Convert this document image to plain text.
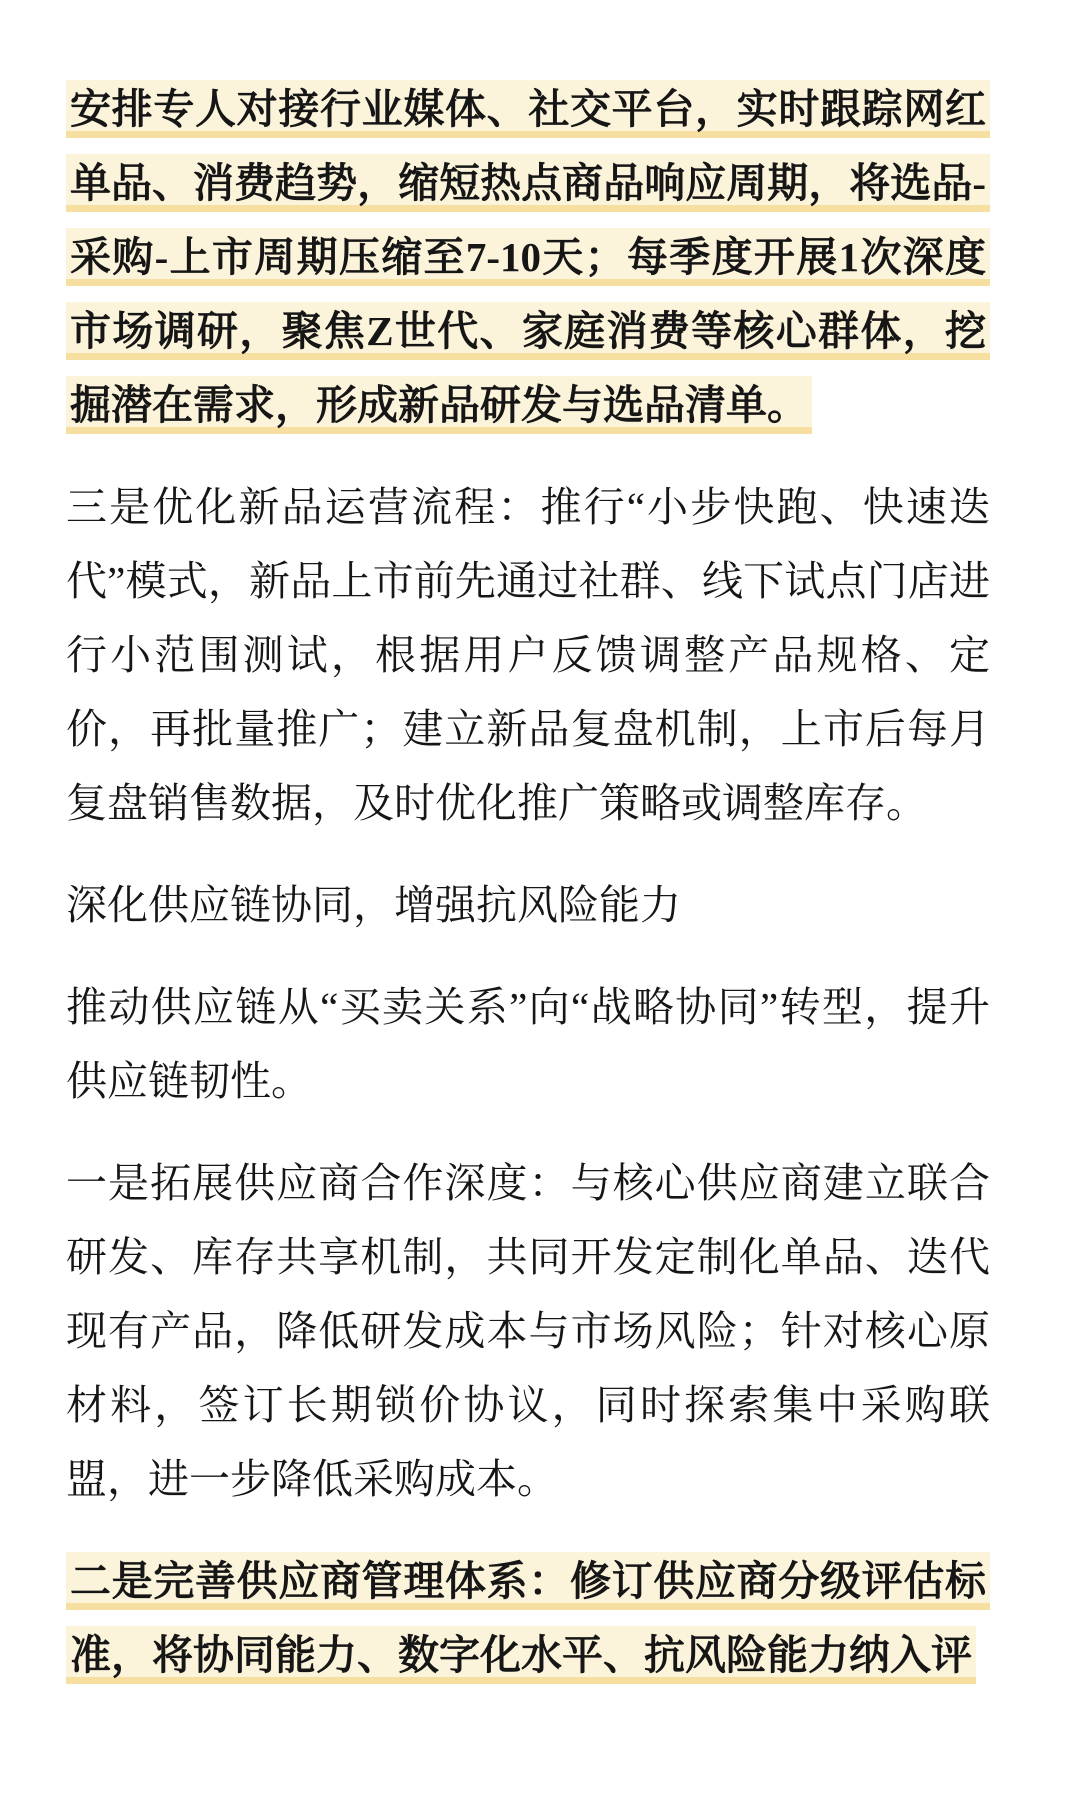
安排专人对接行业媒体、社交平台，实时跟踪网红单品、消费趋势，缩短热点商品响应周期，将选品-采购-上市周期压缩至7-10天；每季度开展1次深度市场调研，聚焦Z世代、家庭消费等核心群体，挖掘潜在需求，形成新品研发与选品清单。

三是优化新品运营流程：推行“小步快跑、快速迭代”模式，新品上市前先通过社群、线下试点门店进行小范围测试，根据用户反馈调整产品规格、定价，再批量推广；建立新品复盘机制，上市后每月复盘销售数据，及时优化推广策略或调整库存。

深化供应链协同，增强抗风险能力

推动供应链从“买卖关系”向“战略协同”转型，提升供应链韧性。

一是拓展供应商合作深度：与核心供应商建立联合研发、库存共享机制，共同开发定制化单品、迭代现有产品，降低研发成本与市场风险；针对核心原材料，签订长期锁价协议，同时探索集中采购联盟，进一步降低采购成本。

二是完善供应商管理体系：修订供应商分级评估标准，将协同能力、数字化水平、抗风险能力纳入评
